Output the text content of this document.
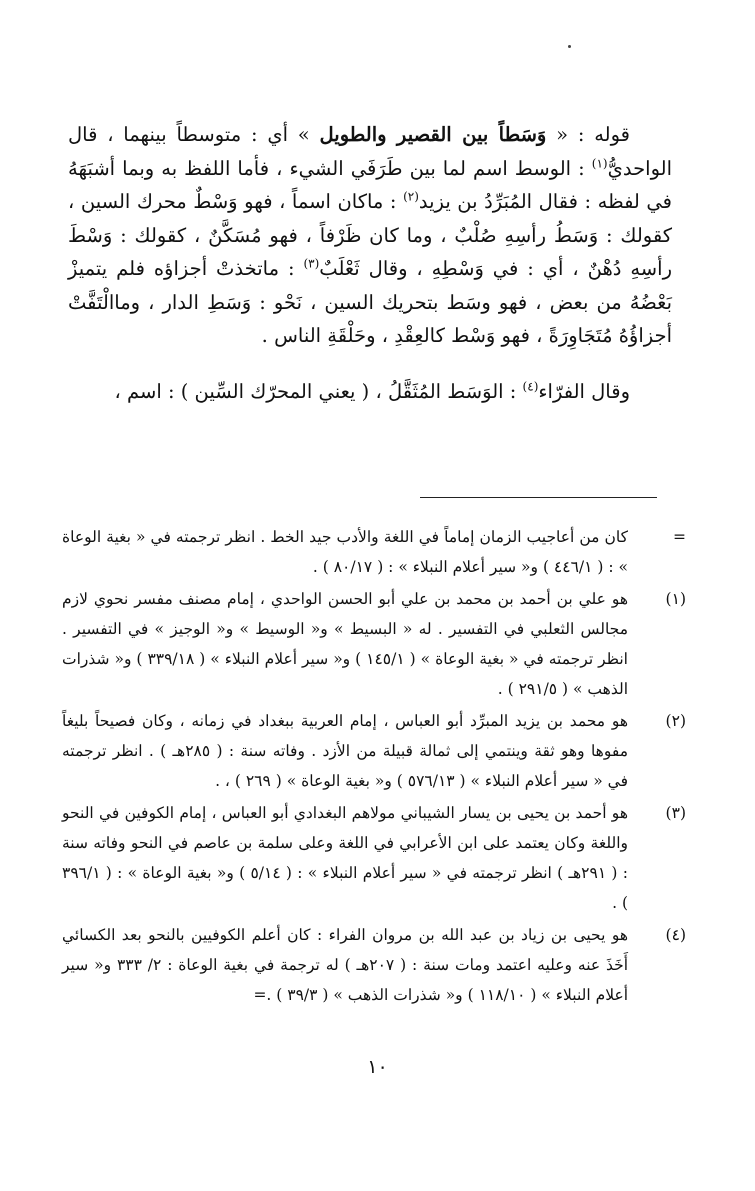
قوله : « وَسَطاً بين القصير والطويل » أي : متوسطاً بينهما ، قال الواحديُّ$^{(١)}$ : الوسط اسم لما بين طَرَفَي الشيء ، فأما اللفظ به وبما أشبَهَهُ في لفظه : فقال المُبَرِّدُ بن يزيد$^{(٢)}$ : ماكان اسماً ، فهو وَسْطٌ محرك السين ، كقولك : وَسَطُ رأسِهِ صُلْبٌ ، وما كان ظَرْفاً ، فهو مُسَكَّنٌ ، كقولك : وَسْطَ رأسِهِ دُهْنٌ ، أي : في وَسْطِهِ ، وقال ثَعْلَبٌ$^{(٣)}$ : ماتخذتْ أجزاؤه فلم يتميزْ بَعْضُهُ من بعض ، فهو وسَط بتحريك السين ، نَحْو : وَسَطِ الدار ، وماالْتَفَّتْ أجزاؤُهُ مُتَجَاوِرَةً ، فهو وَسْط كالعِقْدِ ، وحَلْقَةِ الناس .

وقال الفرّاء$^{(٤)}$ : الوَسَط المُثَقَّلُ ، ( يعني المحرّك السِّين ) : اسم ،

=
كان من أعاجيب الزمان إماماً في اللغة والأدب جيد الخط . انظر ترجمته في « بغية الوعاة » : ( ٤٤٦/١ ) و« سير أعلام النبلاء » : ( ٨٠/١٧ ) .
(١)
هو علي بن أحمد بن محمد بن علي أبو الحسن الواحدي ، إمام مصنف مفسر نحوي لازم مجالس الثعلبي في التفسير . له « البسيط » و« الوسيط » و« الوجيز » في التفسير . انظر ترجمته في « بغية الوعاة » ( ١٤٥/١ ) و« سير أعلام النبلاء » ( ٣٣٩/١٨ ) و« شذرات الذهب » ( ٢٩١/٥ ) .
(٢)
هو محمد بن يزيد المبرِّد أبو العباس ، إمام العربية ببغداد في زمانه ، وكان فصيحاً بليغاً مفوها وهو ثقة وينتمي إلى ثمالة قبيلة من الأزد . وفاته سنة : ( ٢٨٥هـ ) . انظر ترجمته في « سير أعلام النبلاء » ( ٥٧٦/١٣ ) و« بغية الوعاة » ( ٢٦٩ ) ، .
(٣)
هو أحمد بن يحيى بن يسار الشيباني مولاهم البغدادي أبو العباس ، إمام الكوفين في النحو واللغة وكان يعتمد على ابن الأعرابي في اللغة وعلى سلمة بن عاصم في النحو وفاته سنة : ( ٢٩١هـ ) انظر ترجمته في « سير أعلام النبلاء » : ( ٥/١٤ ) و« بغية الوعاة » : ( ٣٩٦/١ ) .
(٤)
هو يحيى بن زياد بن عبد الله بن مروان الفراء : كان أعلم الكوفيين بالنحو بعد الكسائي أَخَذَ عنه وعليه اعتمد ومات سنة : ( ٢٠٧هـ ) له ترجمة في بغية الوعاة : ٢/ ٣٣٣ و« سير أعلام النبلاء » ( ١١٨/١٠ ) و« شذرات الذهب » ( ٣٩/٣ ) .=
١٠
